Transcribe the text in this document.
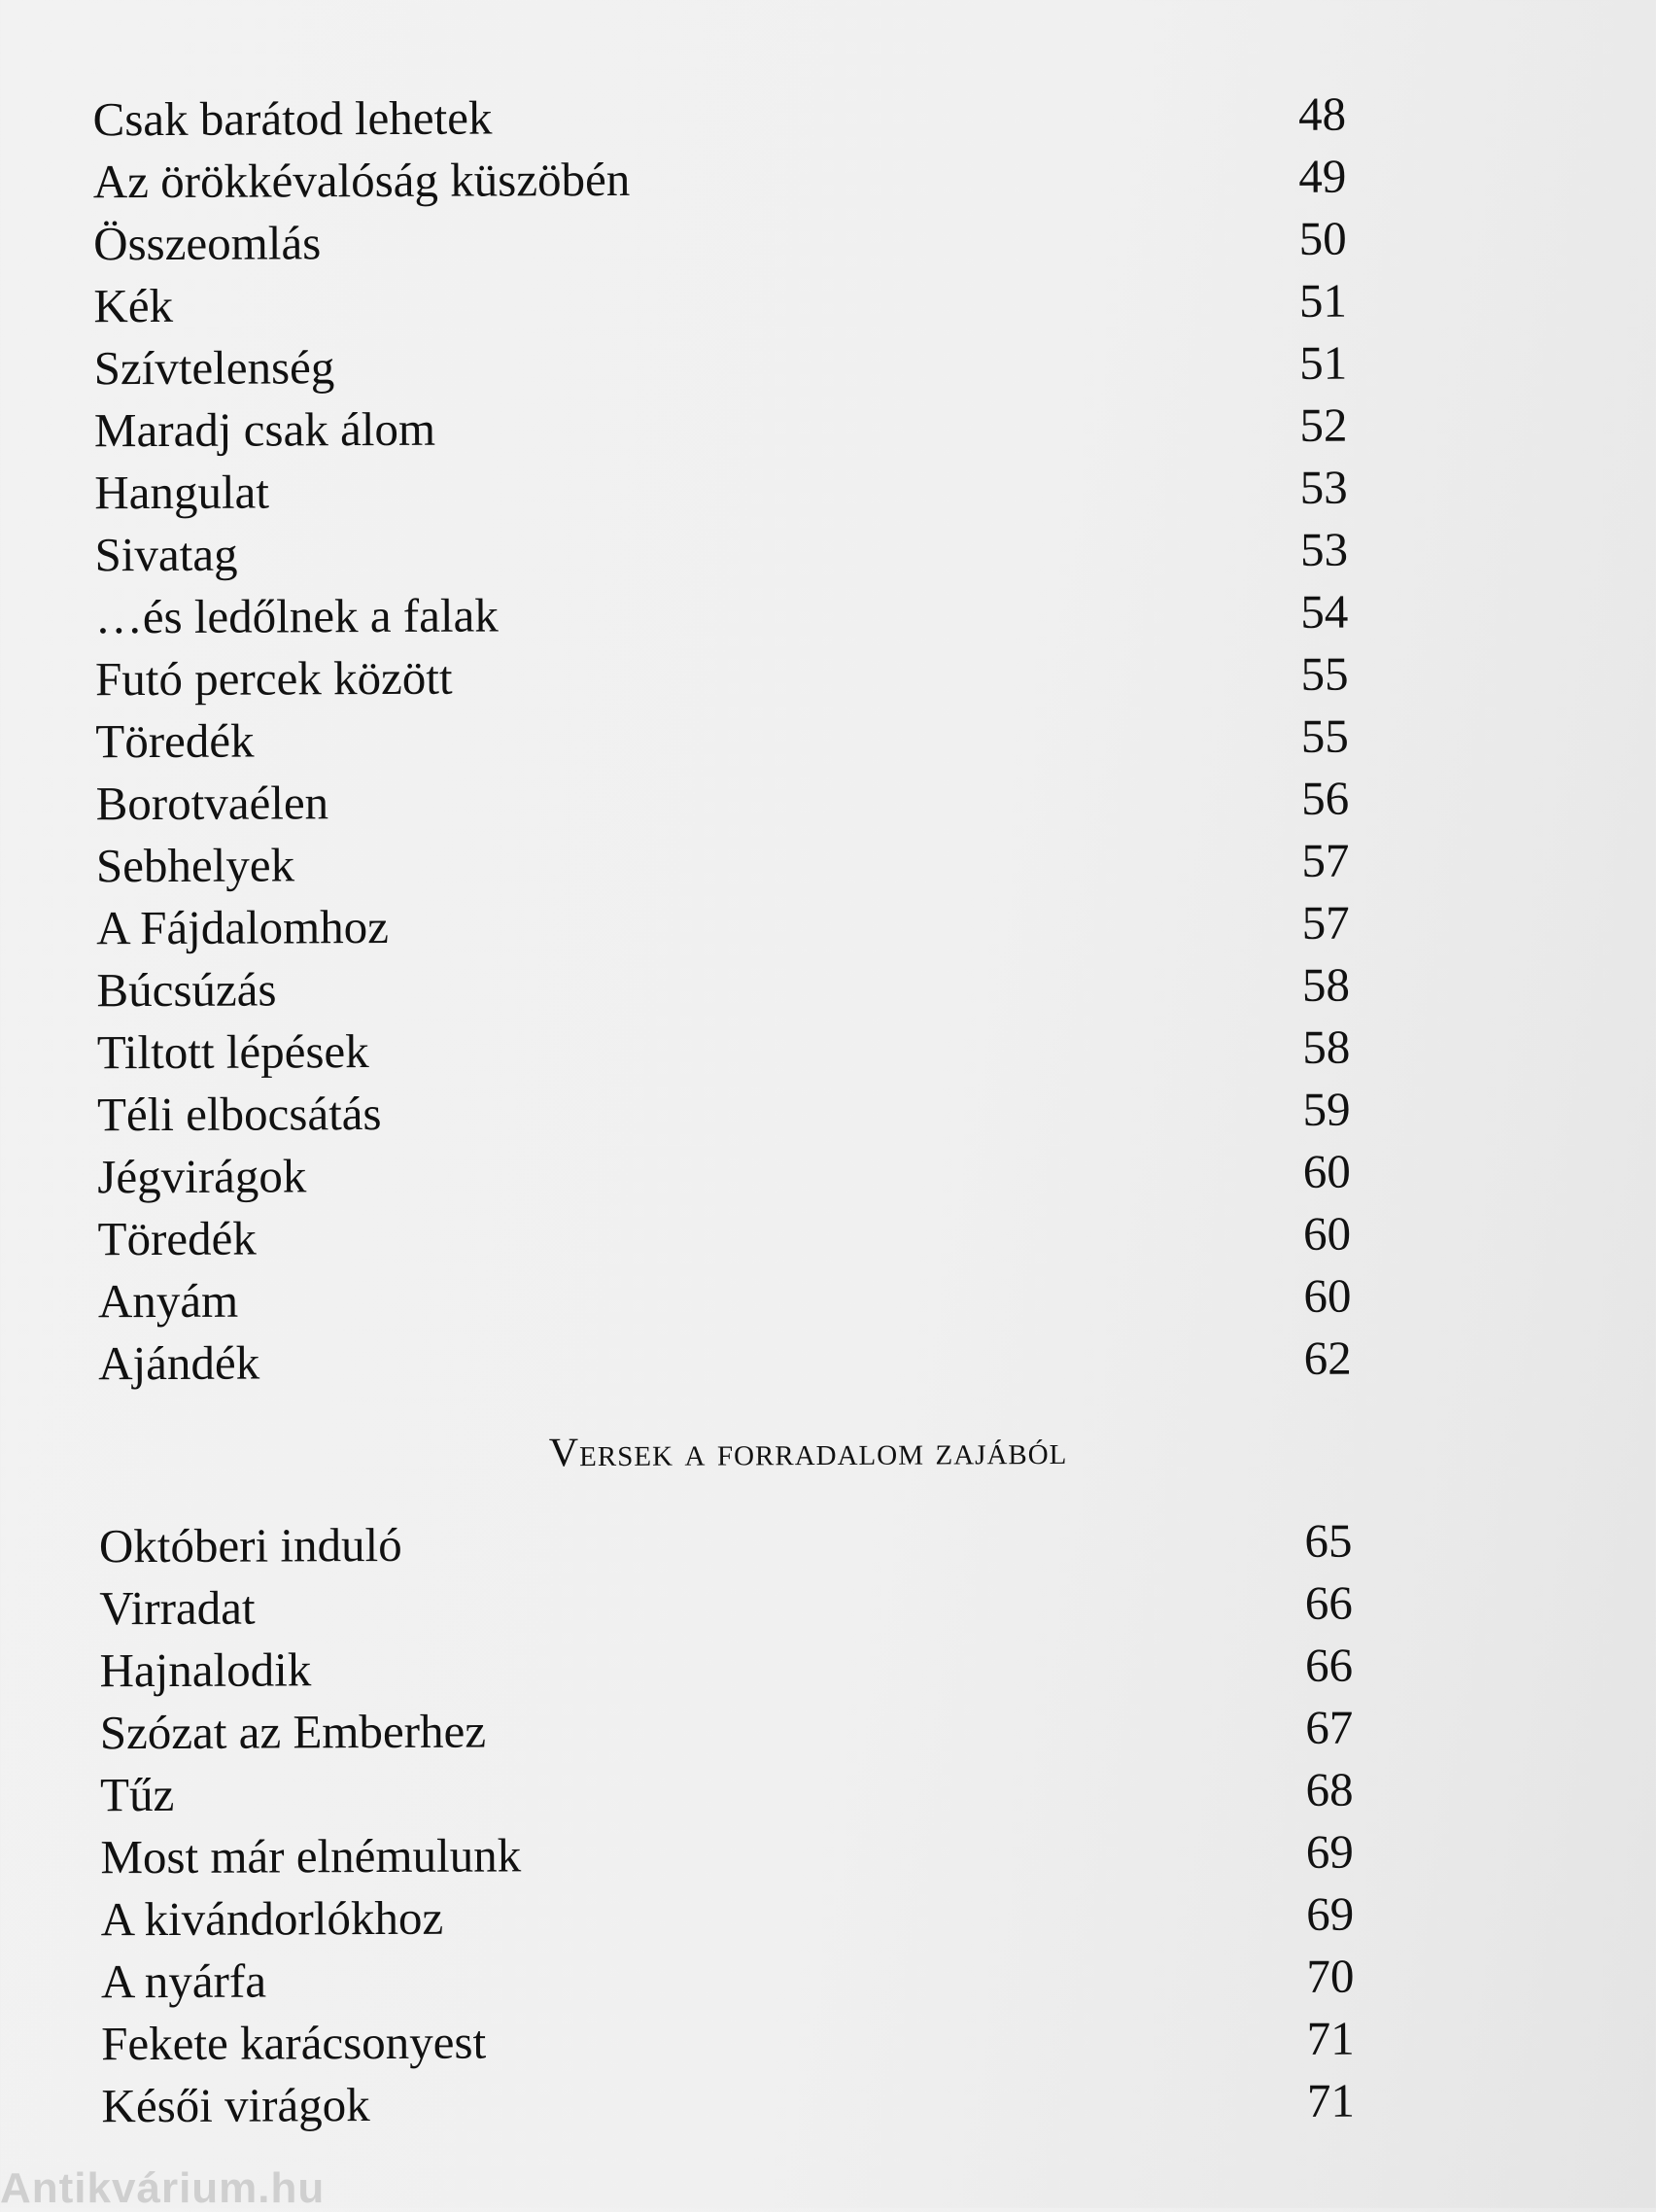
Csak barátod lehetek	48
Az örökkévalóság küszöbén	49
Összeomlás	50
Kék	51
Szívtelenség	51
Maradj csak álom	52
Hangulat	53
Sivatag	53
…és ledőlnek a falak	54
Futó percek között	55
Töredék	55
Borotvaélen	56
Sebhelyek	57
A Fájdalomhoz	57
Búcsúzás	58
Tiltott lépések	58
Téli elbocsátás	59
Jégvirágok	60
Töredék	60
Anyám	60
Ajándék	62
Versek a forradalom zajából
Októberi induló	65
Virradat	66
Hajnalodik	66
Szózat az Emberhez	67
Tűz	68
Most már elnémulunk	69
A kivándorlókhoz	69
A nyárfa	70
Fekete karácsonyest	71
Késői virágok	71
Antikvárium.hu
